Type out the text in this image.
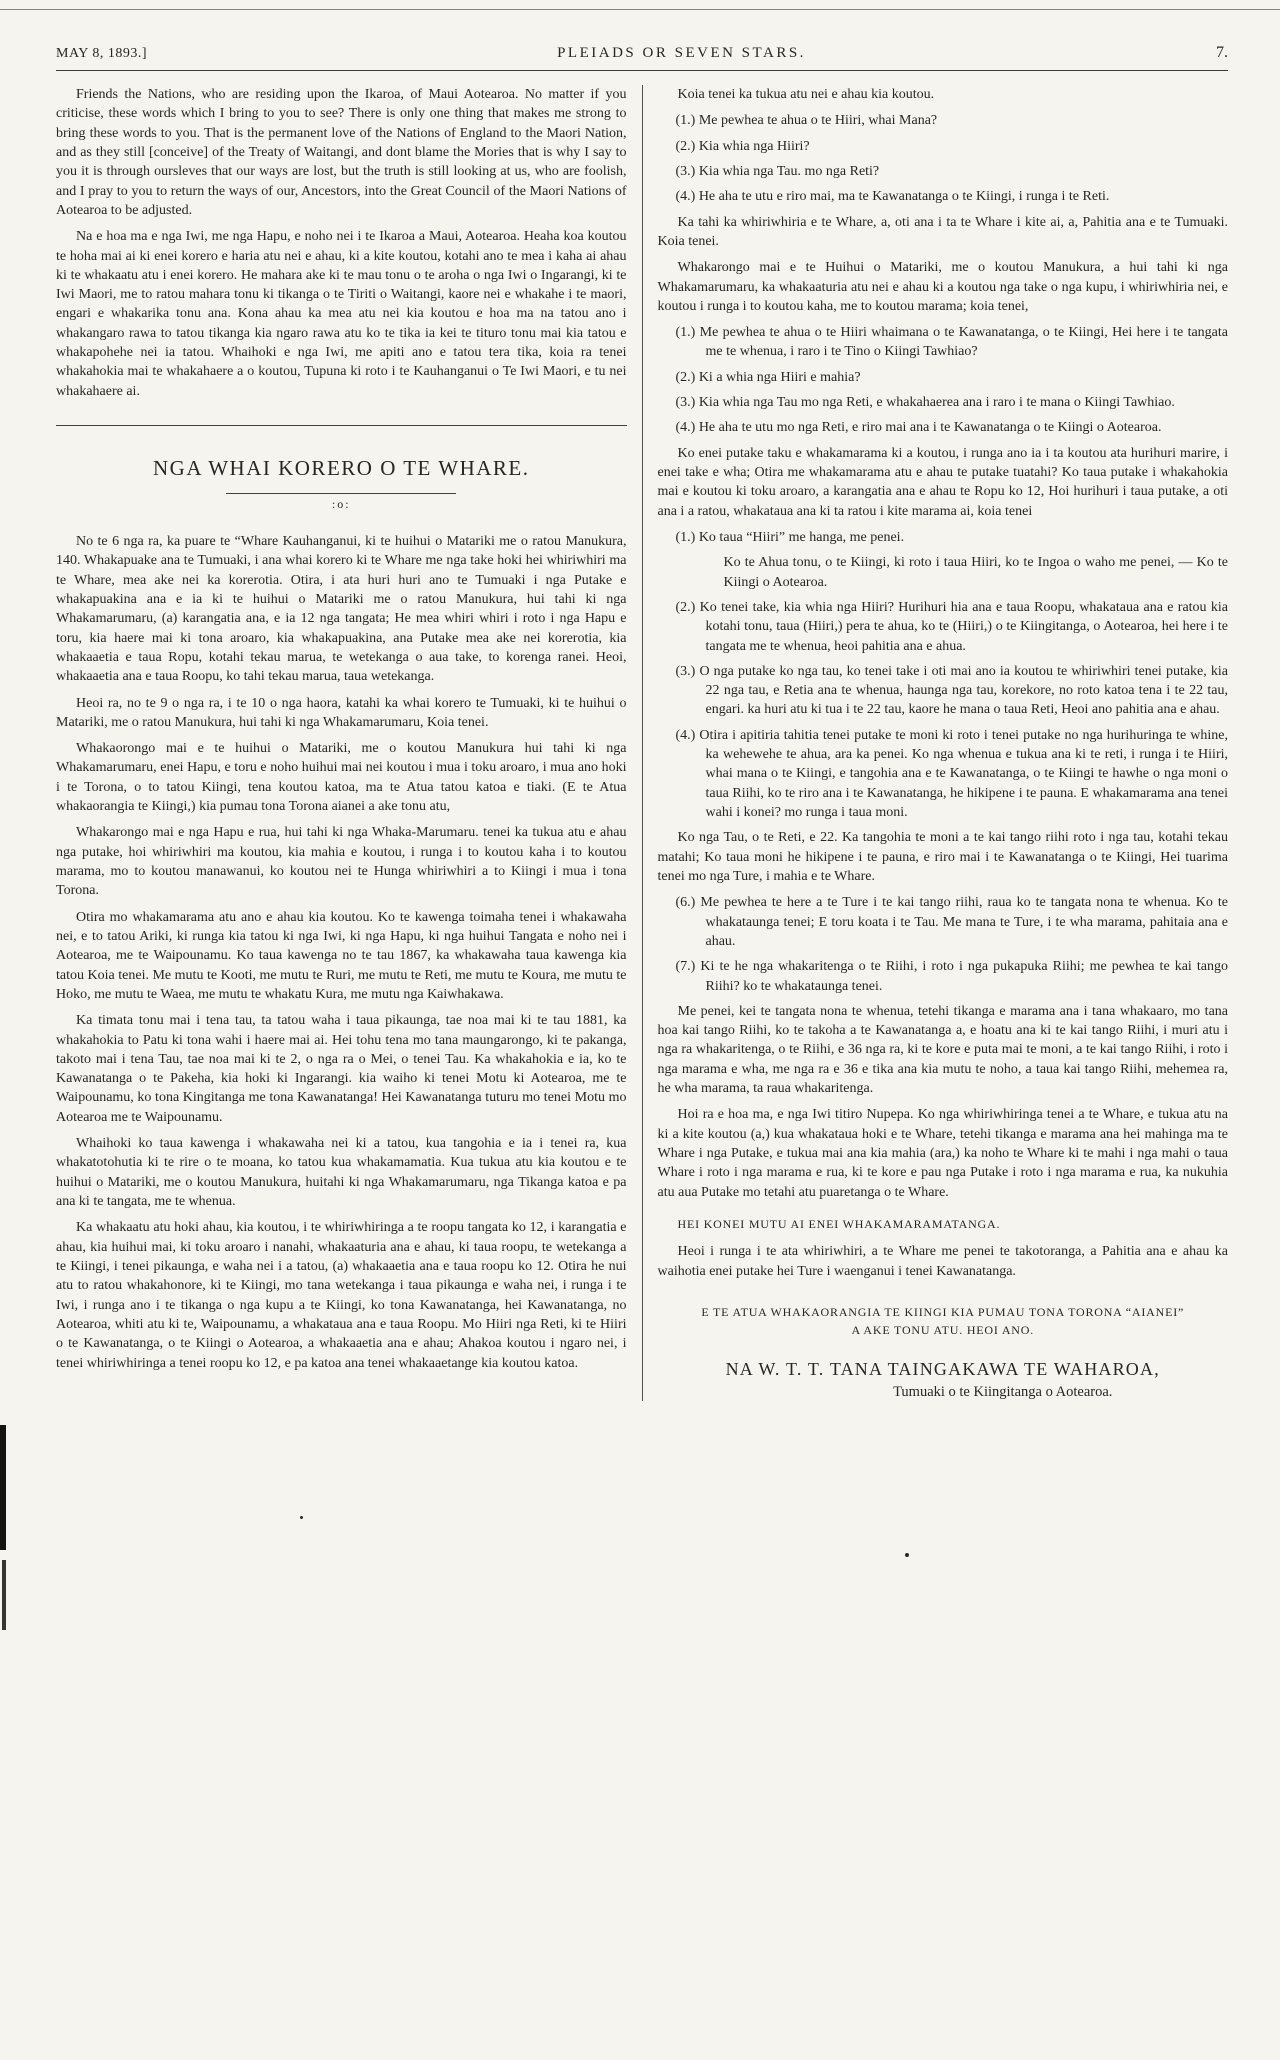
MAY 8, 1893.]	PLEIADS OR SEVEN STARS.	7.

Friends the Nations, who are residing upon the Ikaroa, of Maui Aotearoa. No matter if you criticise, these words which I bring to you to see? There is only one thing that makes me strong to bring these words to you. That is the permanent love of the Nations of England to the Maori Nation, and as they still [conceive] of the Treaty of Waitangi, and dont blame the Mories that is why I say to you it is through oursleves that our ways are lost, but the truth is still looking at us, who are foolish, and I pray to you to return the ways of our, Ancestors, into the Great Council of the Maori Nations of Aotearoa to be adjusted.

Na e hoa ma e nga Iwi, me nga Hapu, e noho nei i te Ikaroa a Maui, Aotearoa. Heaha koa koutou te hoha mai ai ki enei korero e haria atu nei e ahau, ki a kite koutou, kotahi ano te mea i kaha ai ahau ki te whakaatu atu i enei korero. He mahara ake ki te mau tonu o te aroha o nga Iwi o Ingarangi, ki te Iwi Maori, me to ratou mahara tonu ki tikanga o te Tiriti o Waitangi, kaore nei e whakahe i te maori, engari e whakarika tonu ana. Kona ahau ka mea atu nei kia koutou e hoa ma na tatou ano i whakangaro rawa to tatou tikanga kia ngaro rawa atu ko te tika ia kei te tituro tonu mai kia tatou e whakapohehe nei ia tatou. Whaihoki e nga Iwi, me apiti ano e tatou tera tika, koia ra tenei whakahokia mai te whakahaere a o koutou, Tupuna ki roto i te Kauhanganui o Te Iwi Maori, e tu nei whakahaere ai.

NGA WHAI KORERO O TE WHARE.
:o:

No te 6 nga ra, ka puare te “Whare Kauhanganui, ki te huihui o Matariki me o ratou Manukura, 140. Whakapuake ana te Tumuaki, i ana whai korero ki te Whare me nga take hoki hei whiriwhiri ma te Whare, mea ake nei ka korerotia. Otira, i ata huri huri ano te Tumuaki i nga Putake e whakapuakina ana e ia ki te huihui o Matariki me o ratou Manukura, hui tahi ki nga Whakamarumaru, (a) karangatia ana, e ia 12 nga tangata; He mea whiri whiri i roto i nga Hapu e toru, kia haere mai ki tona aroaro, kia whakapuakina, ana Putake mea ake nei korerotia, kia whakaaetia e taua Ropu, kotahi tekau marua, te wetekanga o aua take, to korenga ranei. Heoi, whakaaetia ana e taua Roopu, ko tahi tekau marua, taua wetekanga.

Heoi ra, no te 9 o nga ra, i te 10 o nga haora, katahi ka whai korero te Tumuaki, ki te huihui o Matariki, me o ratou Manukura, hui tahi ki nga Whakamarumaru, Koia tenei.

Whakaorongo mai e te huihui o Matariki, me o koutou Manukura hui tahi ki nga Whakamarumaru, enei Hapu, e toru e noho huihui mai nei koutou i mua i toku aroaro, i mua ano hoki i te Torona, o to tatou Kiingi, tena koutou katoa, ma te Atua tatou katoa e tiaki. (E te Atua whakaorangia te Kiingi,) kia pumau tona Torona aianei a ake tonu atu,

Whakarongo mai e nga Hapu e rua, hui tahi ki nga Whaka-Marumaru. tenei ka tukua atu e ahau nga putake, hoi whiriwhiri ma koutou, kia mahia e koutou, i runga i to koutou kaha i to koutou marama, mo to koutou manawanui, ko koutou nei te Hunga whiriwhiri a to Kiingi i mua i tona Torona.

Otira mo whakamarama atu ano e ahau kia koutou. Ko te kawenga toimaha tenei i whakawaha nei, e to tatou Ariki, ki runga kia tatou ki nga Iwi, ki nga Hapu, ki nga huihui Tangata e noho nei i Aotearoa, me te Waipounamu. Ko taua kawenga no te tau 1867, ka whakawaha taua kawenga kia tatou Koia tenei. Me mutu te Kooti, me mutu te Ruri, me mutu te Reti, me mutu te Koura, me mutu te Hoko, me mutu te Waea, me mutu te whakatu Kura, me mutu nga Kaiwhakawa.

Ka timata tonu mai i tena tau, ta tatou waha i taua pikaunga, tae noa mai ki te tau 1881, ka whakahokia to Patu ki tona wahi i haere mai ai. Hei tohu tena mo tana maungarongo, ki te pakanga, takoto mai i tena Tau, tae noa mai ki te 2, o nga ra o Mei, o tenei Tau. Ka whakahokia e ia, ko te Kawanatanga o te Pakeha, kia hoki ki Ingarangi. kia waiho ki tenei Motu ki Aotearoa, me te Waipounamu, ko tona Kingitanga me tona Kawanatanga! Hei Kawanatanga tuturu mo tenei Motu mo Aotearoa me te Waipounamu.

Whaihoki ko taua kawenga i whakawaha nei ki a tatou, kua tangohia e ia i tenei ra, kua whakatotohutia ki te rire o te moana, ko tatou kua whakamamatia. Kua tukua atu kia koutou e te huihui o Matariki, me o koutou Manukura, huitahi ki nga Whakamarumaru, nga Tikanga katoa e pa ana ki te tangata, me te whenua.

Ka whakaatu atu hoki ahau, kia koutou, i te whiriwhiringa a te roopu tangata ko 12, i karangatia e ahau, kia huihui mai, ki toku aroaro i nanahi, whakaaturia ana e ahau, ki taua roopu, te wetekanga a te Kiingi, i tenei pikaunga, e waha nei i a tatou, (a) whakaaetia ana e taua roopu ko 12. Otira he nui atu to ratou whakahonore, ki te Kiingi, mo tana wetekanga i taua pikaunga e waha nei, i runga i te Iwi, i runga ano i te tikanga o nga kupu a te Kiingi, ko tona Kawanatanga, hei Kawanatanga, no Aotearoa, whiti atu ki te, Waipounamu, a whakataua ana e taua Roopu. Mo Hiiri nga Reti, ki te Hiiri o te Kawanatanga, o te Kiingi o Aotearoa, a whakaaetia ana e ahau; Ahakoa koutou i ngaro nei, i tenei whiriwhiringa a tenei roopu ko 12, e pa katoa ana tenei whakaaetange kia koutou katoa.

Koia tenei ka tukua atu nei e ahau kia koutou.

(1.) Me pewhea te ahua o te Hiiri, whai Mana?

(2.) Kia whia nga Hiiri?

(3.) Kia whia nga Tau. mo nga Reti?

(4.) He aha te utu e riro mai, ma te Kawanatanga o te Kiingi, i runga i te Reti.

Ka tahi ka whiriwhiria e te Whare, a, oti ana i ta te Whare i kite ai, a, Pahitia ana e te Tumuaki. Koia tenei.

Whakarongo mai e te Huihui o Matariki, me o koutou Manukura, a hui tahi ki nga Whakamarumaru, ka whakaaturia atu nei e ahau ki a koutou nga take o nga kupu, i whiriwhiria nei, e koutou i runga i to koutou kaha, me to koutou marama; koia tenei,

(1.) Me pewhea te ahua o te Hiiri whaimana o te Kawanatanga, o te Kiingi, Hei here i te tangata me te whenua, i raro i te Tino o Kiingi Tawhiao?

(2.) Ki a whia nga Hiiri e mahia?

(3.) Kia whia nga Tau mo nga Reti, e whakahaerea ana i raro i te mana o Kiingi Tawhiao.

(4.) He aha te utu mo nga Reti, e riro mai ana i te Kawanatanga o te Kiingi o Aotearoa.

Ko enei putake taku e whakamarama ki a koutou, i runga ano ia i ta koutou ata hurihuri marire, i enei take e wha; Otira me whakamarama atu e ahau te putake tuatahi? Ko taua putake i whakahokia mai e koutou ki toku aroaro, a karangatia ana e ahau te Ropu ko 12, Hoi hurihuri i taua putake, a oti ana i a ratou, whakataua ana ki ta ratou i kite marama ai, koia tenei

(1.) Ko taua “Hiiri” me hanga, me penei.

Ko te Ahua tonu, o te Kiingi, ki roto i taua Hiiri, ko te Ingoa o waho me penei, — Ko te Kiingi o Aotearoa.

(2.) Ko tenei take, kia whia nga Hiiri? Hurihuri hia ana e taua Roopu, whakataua ana e ratou kia kotahi tonu, taua (Hiiri,) pera te ahua, ko te (Hiiri,) o te Kiingitanga, o Aotearoa, hei here i te tangata me te whenua, heoi pahitia ana e ahua.

(3.) O nga putake ko nga tau, ko tenei take i oti mai ano ia koutou te whiriwhiri tenei putake, kia 22 nga tau, e Retia ana te whenua, haunga nga tau, korekore, no roto katoa tena i te 22 tau, engari. ka huri atu ki tua i te 22 tau, kaore he mana o taua Reti, Heoi ano pahitia ana e ahau.

(4.) Otira i apitiria tahitia tenei putake te moni ki roto i tenei putake no nga hurihuringa te whine, ka wehewehe te ahua, ara ka penei. Ko nga whenua e tukua ana ki te reti, i runga i te Hiiri, whai mana o te Kiingi, e tangohia ana e te Kawanatanga, o te Kiingi te hawhe o nga moni o taua Riihi, ko te riro ana i te Kawanatanga, he hikipene i te pauna. E whakamarama ana tenei wahi i konei? mo runga i taua moni.

Ko nga Tau, o te Reti, e 22. Ka tangohia te moni a te kai tango riihi roto i nga tau, kotahi tekau matahi; Ko taua moni he hikipene i te pauna, e riro mai i te Kawanatanga o te Kiingi, Hei tuarima tenei mo nga Ture, i mahia e te Whare.

(6.) Me pewhea te here a te Ture i te kai tango riihi, raua ko te tangata nona te whenua. Ko te whakataunga tenei; E toru koata i te Tau. Me mana te Ture, i te wha marama, pahitaia ana e ahau.

(7.) Ki te he nga whakaritenga o te Riihi, i roto i nga pukapuka Riihi; me pewhea te kai tango Riihi? ko te whakataunga tenei.

Me penei, kei te tangata nona te whenua, tetehi tikanga e marama ana i tana whakaaro, mo tana hoa kai tango Riihi, ko te takoha a te Kawanatanga a, e hoatu ana ki te kai tango Riihi, i muri atu i nga ra whakaritenga, o te Riihi, e 36 nga ra, ki te kore e puta mai te moni, a te kai tango Riihi, i roto i nga marama e wha, me nga ra e 36 e tika ana kia mutu te noho, a taua kai tango Riihi, mehemea ra, he wha marama, ta raua whakaritenga.

Hoi ra e hoa ma, e nga Iwi titiro Nupepa. Ko nga whiriwhiringa tenei a te Whare, e tukua atu na ki a kite koutou (a,) kua whakataua hoki e te Whare, tetehi tikanga e marama ana hei mahinga ma te Whare i nga Putake, e tukua mai ana kia mahia (ara,) ka noho te Whare ki te mahi i nga mahi o taua Whare i roto i nga marama e rua, ki te kore e pau nga Putake i roto i nga marama e rua, ka nukuhia atu aua Putake mo tetahi atu puaretanga o te Whare.

HEI KONEI MUTU AI ENEI WHAKAMARAMATANGA.

Heoi i runga i te ata whiriwhiri, a te Whare me penei te takotoranga, a Pahitia ana e ahau ka waihotia enei putake hei Ture i waenganui i tenei Kawanatanga.

E TE ATUA WHAKAORANGIA TE KIINGI KIA PUMAU TONA TORONA “AIANEI” A AKE TONU ATU. HEOI ANO.

NA W. T. T. TANA TAINGAKAWA TE WAHAROA,

Tumuaki o te Kiingitanga o Aotearoa.
